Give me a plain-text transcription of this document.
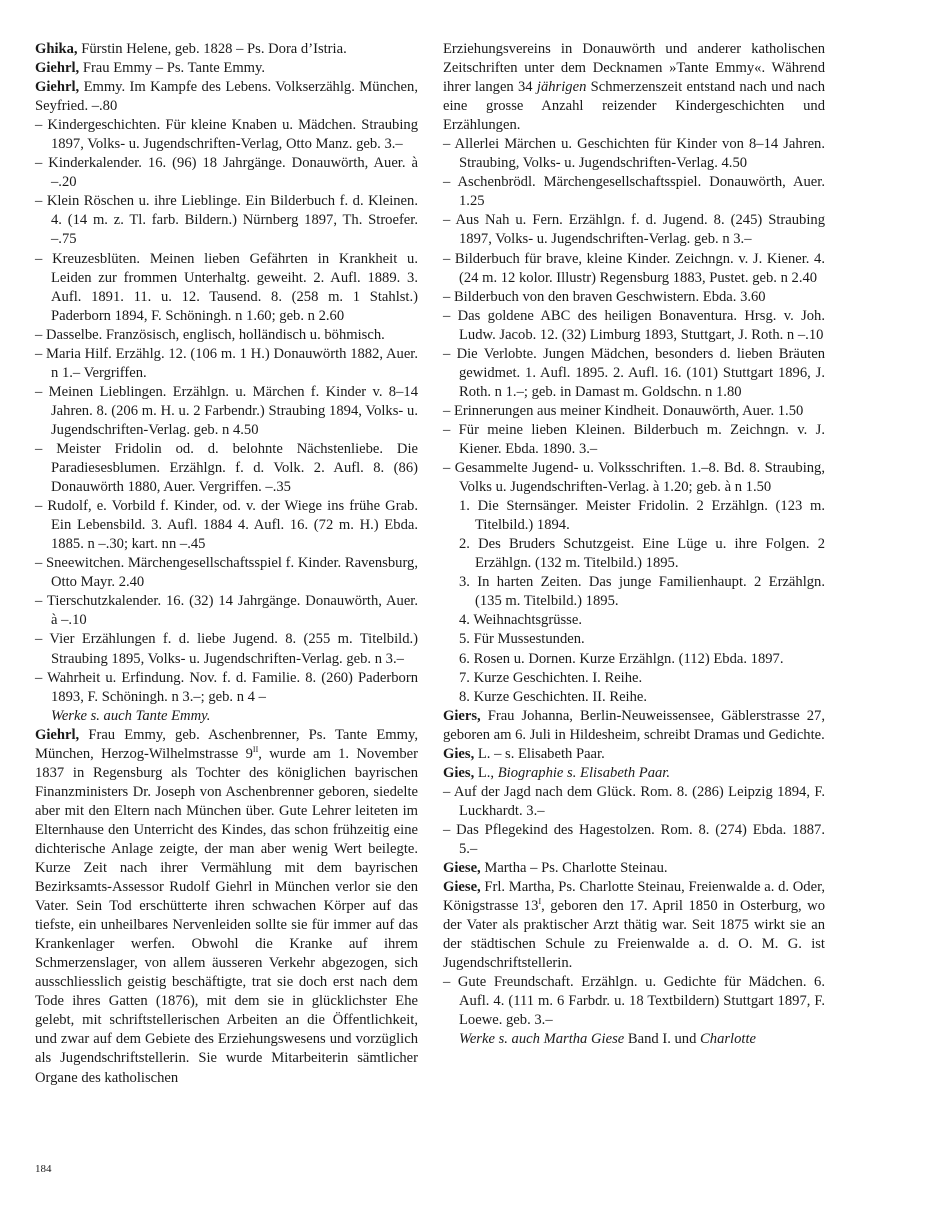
Ghika, Fürstin Helene, geb. 1828 – Ps. Dora d’Istria.
Giehrl, Frau Emmy – Ps. Tante Emmy.
Giehrl, Emmy. Im Kampfe des Lebens. Volkserzählg. München, Seyfried. –.80
– Kindergeschichten. Für kleine Knaben u. Mädchen. Straubing 1897, Volks- u. Jugendschriften-Verlag, Otto Manz. geb. 3.–
– Kinderkalender. 16. (96) 18 Jahrgänge. Donauwörth, Auer. à –.20
– Klein Röschen u. ihre Lieblinge. Ein Bilderbuch f. d. Kleinen. 4. (14 m. z. Tl. farb. Bildern.) Nürnberg 1897, Th. Stroefer. –.75
– Kreuzesblüten. Meinen lieben Gefährten in Krankheit u. Leiden zur frommen Unterhaltg. geweiht. 2. Aufl. 1889. 3. Aufl. 1891. 11. u. 12. Tausend. 8. (258 m. 1 Stahlst.) Paderborn 1894, F. Schöningh. n 1.60; geb. n 2.60
– Dasselbe. Französisch, englisch, holländisch u. böhmisch.
– Maria Hilf. Erzählg. 12. (106 m. 1 H.) Donauwörth 1882, Auer. n 1.– Vergriffen.
– Meinen Lieblingen. Erzählgn. u. Märchen f. Kinder v. 8–14 Jahren. 8. (206 m. H. u. 2 Farbendr.) Straubing 1894, Volks- u. Jugendschriften-Verlag. geb. n 4.50
– Meister Fridolin od. d. belohnte Nächstenliebe. Die Paradiesesblumen. Erzählgn. f. d. Volk. 2. Aufl. 8. (86) Donauwörth 1880, Auer. Vergriffen. –.35
– Rudolf, e. Vorbild f. Kinder, od. v. der Wiege ins frühe Grab. Ein Lebensbild. 3. Aufl. 1884 4. Aufl. 16. (72 m. H.) Ebda. 1885. n –.30; kart. nn –.45
– Sneewitchen. Märchengesellschaftsspiel f. Kinder. Ravensburg, Otto Mayr. 2.40
– Tierschutzkalender. 16. (32) 14 Jahrgänge. Donauwörth, Auer. à –.10
– Vier Erzählungen f. d. liebe Jugend. 8. (255 m. Titelbild.) Straubing 1895, Volks- u. Jugendschriften-Verlag. geb. n 3.–
– Wahrheit u. Erfindung. Nov. f. d. Familie. 8. (260) Paderborn 1893, F. Schöningh. n 3.–; geb. n 4 –
Werke s. auch Tante Emmy.
Giehrl, Frau Emmy, geb. Aschenbrenner, Ps. Tante Emmy, München, Herzog-Wilhelmstrasse $9^{II}$, wurde am 1. November 1837 in Regensburg als Tochter des königlichen bayrischen Finanzministers Dr. Joseph von Aschenbrenner geboren, siedelte aber mit den Eltern nach München über. Gute Lehrer leiteten im Elternhause den Unterricht des Kindes, das schon frühzeitig eine dichterische Anlage zeigte, der man aber wenig Wert beilegte. Kurze Zeit nach ihrer Vermählung mit dem bayrischen Bezirksamts-Assessor Rudolf Giehrl in München verlor sie den Vater. Sein Tod erschütterte ihren schwachen Körper auf das tiefste, ein unheilbares Nervenleiden sollte sie für immer auf das Krankenlager werfen. Obwohl die Kranke auf ihrem Schmerzenslager, von allem äusseren Verkehr abgezogen, sich ausschliesslich geistig beschäftigte, trat sie doch erst nach dem Tode ihres Gatten (1876), mit dem sie in glücklichster Ehe gelebt, mit schriftstellerischen Arbeiten an die Öffentlichkeit, und zwar auf dem Gebiete des Erziehungswesens und vorzüglich als Jugendschriftstellerin. Sie wurde Mitarbeiterin sämtlicher Organe des katholischen
Erziehungsvereins in Donauwörth und anderer katholischen Zeitschriften unter dem Decknamen »Tante Emmy«. Während ihrer langen 34 jährigen Schmerzenszeit entstand nach und nach eine grosse Anzahl reizender Kindergeschichten und Erzählungen.
– Allerlei Märchen u. Geschichten für Kinder von 8–14 Jahren. Straubing, Volks- u. Jugendschriften-Verlag. 4.50
– Aschenbrödl. Märchengesellschaftsspiel. Donauwörth, Auer. 1.25
– Aus Nah u. Fern. Erzählgn. f. d. Jugend. 8. (245) Straubing 1897, Volks- u. Jugendschriften-Verlag. geb. n 3.–
– Bilderbuch für brave, kleine Kinder. Zeichngn. v. J. Kiener. 4. (24 m. 12 kolor. Illustr) Regensburg 1883, Pustet. geb. n 2.40
– Bilderbuch von den braven Geschwistern. Ebda. 3.60
– Das goldene ABC des heiligen Bonaventura. Hrsg. v. Joh. Ludw. Jacob. 12. (32) Limburg 1893, Stuttgart, J. Roth. n –.10
– Die Verlobte. Jungen Mädchen, besonders d. lieben Bräuten gewidmet. 1. Aufl. 1895. 2. Aufl. 16. (101) Stuttgart 1896, J. Roth. n 1.–; geb. in Damast m. Goldschn. n 1.80
– Erinnerungen aus meiner Kindheit. Donauwörth, Auer. 1.50
– Für meine lieben Kleinen. Bilderbuch m. Zeichngn. v. J. Kiener. Ebda. 1890. 3.–
– Gesammelte Jugend- u. Volksschriften. 1.–8. Bd. 8. Straubing, Volks u. Jugendschriften-Verlag. à 1.20; geb. à n 1.50
1. Die Sternsänger. Meister Fridolin. 2 Erzählgn. (123 m. Titelbild.) 1894.
2. Des Bruders Schutzgeist. Eine Lüge u. ihre Folgen. 2 Erzählgn. (132 m. Titelbild.) 1895.
3. In harten Zeiten. Das junge Familienhaupt. 2 Erzählgn. (135 m. Titelbild.) 1895.
4. Weihnachtsgrüsse.
5. Für Mussestunden.
6. Rosen u. Dornen. Kurze Erzählgn. (112) Ebda. 1897.
7. Kurze Geschichten. I. Reihe.
8. Kurze Geschichten. II. Reihe.
Giers, Frau Johanna, Berlin-Neuweissensee, Gäblerstrasse 27, geboren am 6. Juli in Hildesheim, schreibt Dramas und Gedichte.
Gies, L. – s. Elisabeth Paar.
Gies, L., Biographie s. Elisabeth Paar.
– Auf der Jagd nach dem Glück. Rom. 8. (286) Leipzig 1894, F. Luckhardt. 3.–
– Das Pflegekind des Hagestolzen. Rom. 8. (274) Ebda. 1887. 5.–
Giese, Martha – Ps. Charlotte Steinau.
Giese, Frl. Martha, Ps. Charlotte Steinau, Freienwalde a. d. Oder, Königstrasse $13^I$, geboren den 17. April 1850 in Osterburg, wo der Vater als praktischer Arzt thätig war. Seit 1875 wirkt sie an der städtischen Schule zu Freienwalde a. d. O. M. G. ist Jugendschriftstellerin.
– Gute Freundschaft. Erzählgn. u. Gedichte für Mädchen. 6. Aufl. 4. (111 m. 6 Farbdr. u. 18 Textbildern) Stuttgart 1897, F. Loewe. geb. 3.–
Werke s. auch Martha Giese Band I. und Charlotte
184
